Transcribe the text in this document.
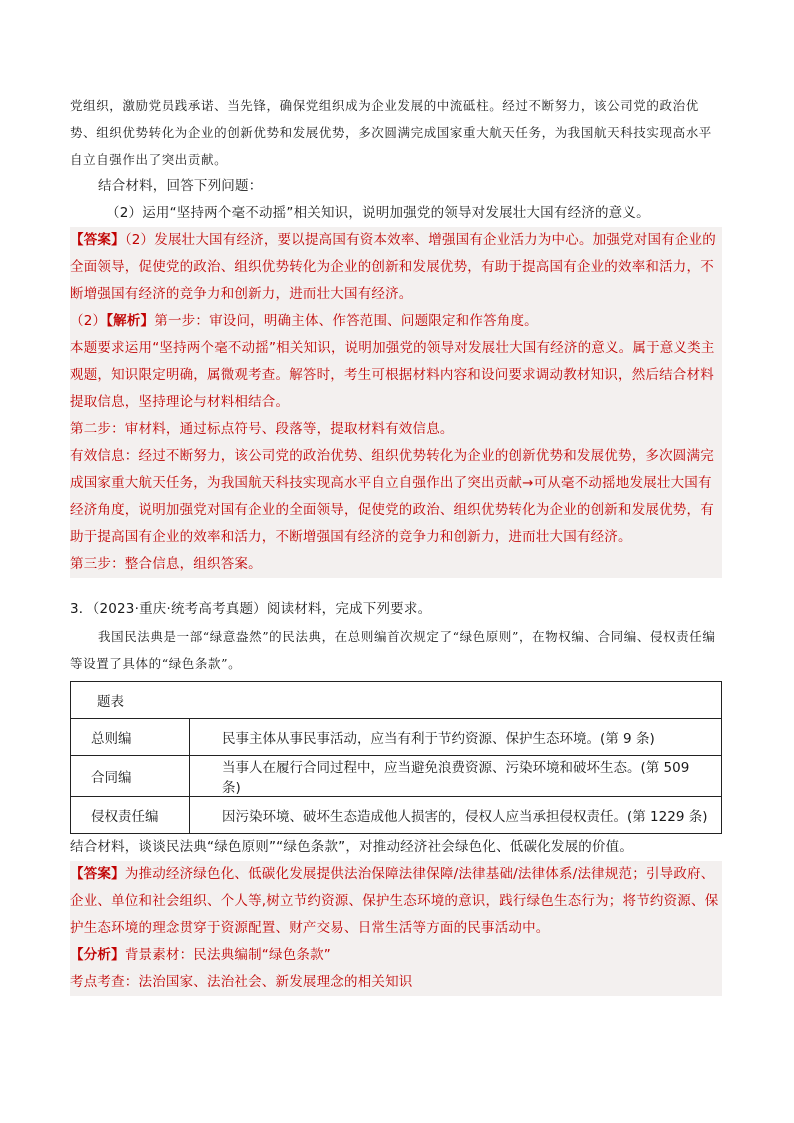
党组织，激励党员践承诺、当先锋，确保党组织成为企业发展的中流砥柱。经过不断努力，该公司党的政治优势、组织优势转化为企业的创新优势和发展优势，多次圆满完成国家重大航天任务，为我国航天科技实现高水平自立自强作出了突出贡献。

结合材料，回答下列问题：

（2）运用“坚持两个毫不动摇”相关知识，说明加强党的领导对发展壮大国有经济的意义。

【答案】（2）发展壮大国有经济，要以提高国有资本效率、增强国有企业活力为中心。加强党对国有企业的全面领导，促使党的政治、组织优势转化为企业的创新和发展优势，有助于提高国有企业的效率和活力，不断增强国有经济的竞争力和创新力，进而壮大国有经济。

（2）【解析】第一步：审设问，明确主体、作答范围、问题限定和作答角度。

本题要求运用“坚持两个毫不动摇”相关知识，说明加强党的领导对发展壮大国有经济的意义。属于意义类主观题，知识限定明确，属微观考查。解答时，考生可根据材料内容和设问要求调动教材知识，然后结合材料提取信息，坚持理论与材料相结合。

第二步：审材料，通过标点符号、段落等，提取材料有效信息。

有效信息：经过不断努力，该公司党的政治优势、组织优势转化为企业的创新优势和发展优势，多次圆满完成国家重大航天任务，为我国航天科技实现高水平自立自强作出了突出贡献→可从毫不动摇地发展壮大国有经济角度，说明加强党对国有企业的全面领导，促使党的政治、组织优势转化为企业的创新和发展优势，有助于提高国有企业的效率和活力，不断增强国有经济的竞争力和创新力，进而壮大国有经济。

第三步：整合信息，组织答案。

3．（2023·重庆·统考高考真题）阅读材料，完成下列要求。

我国民法典是一部“绿意盎然”的民法典，在总则编首次规定了“绿色原则”，在物权编、合同编、侵权责任编等设置了具体的“绿色条款”。

题表	
总则编	民事主体从事民事活动，应当有利于节约资源、保护生态环境。(第 9 条)
合同编	当事人在履行合同过程中，应当避免浪费资源、污染环境和破坏生态。(第 509 条)
侵权责任编	因污染环境、破坏生态造成他人损害的，侵权人应当承担侵权责任。(第 1229 条)

结合材料，谈谈民法典“绿色原则”“绿色条款”，对推动经济社会绿色化、低碳化发展的价值。

【答案】为推动经济绿色化、低碳化发展提供法治保障法律保障/法律基础/法律体系/法律规范；引导政府、企业、单位和社会组织、个人等,树立节约资源、保护生态环境的意识，践行绿色生态行为；将节约资源、保护生态环境的理念贯穿于资源配置、财产交易、日常生活等方面的民事活动中。

【分析】背景素材：民法典编制“绿色条款”

考点考查：法治国家、法治社会、新发展理念的相关知识
